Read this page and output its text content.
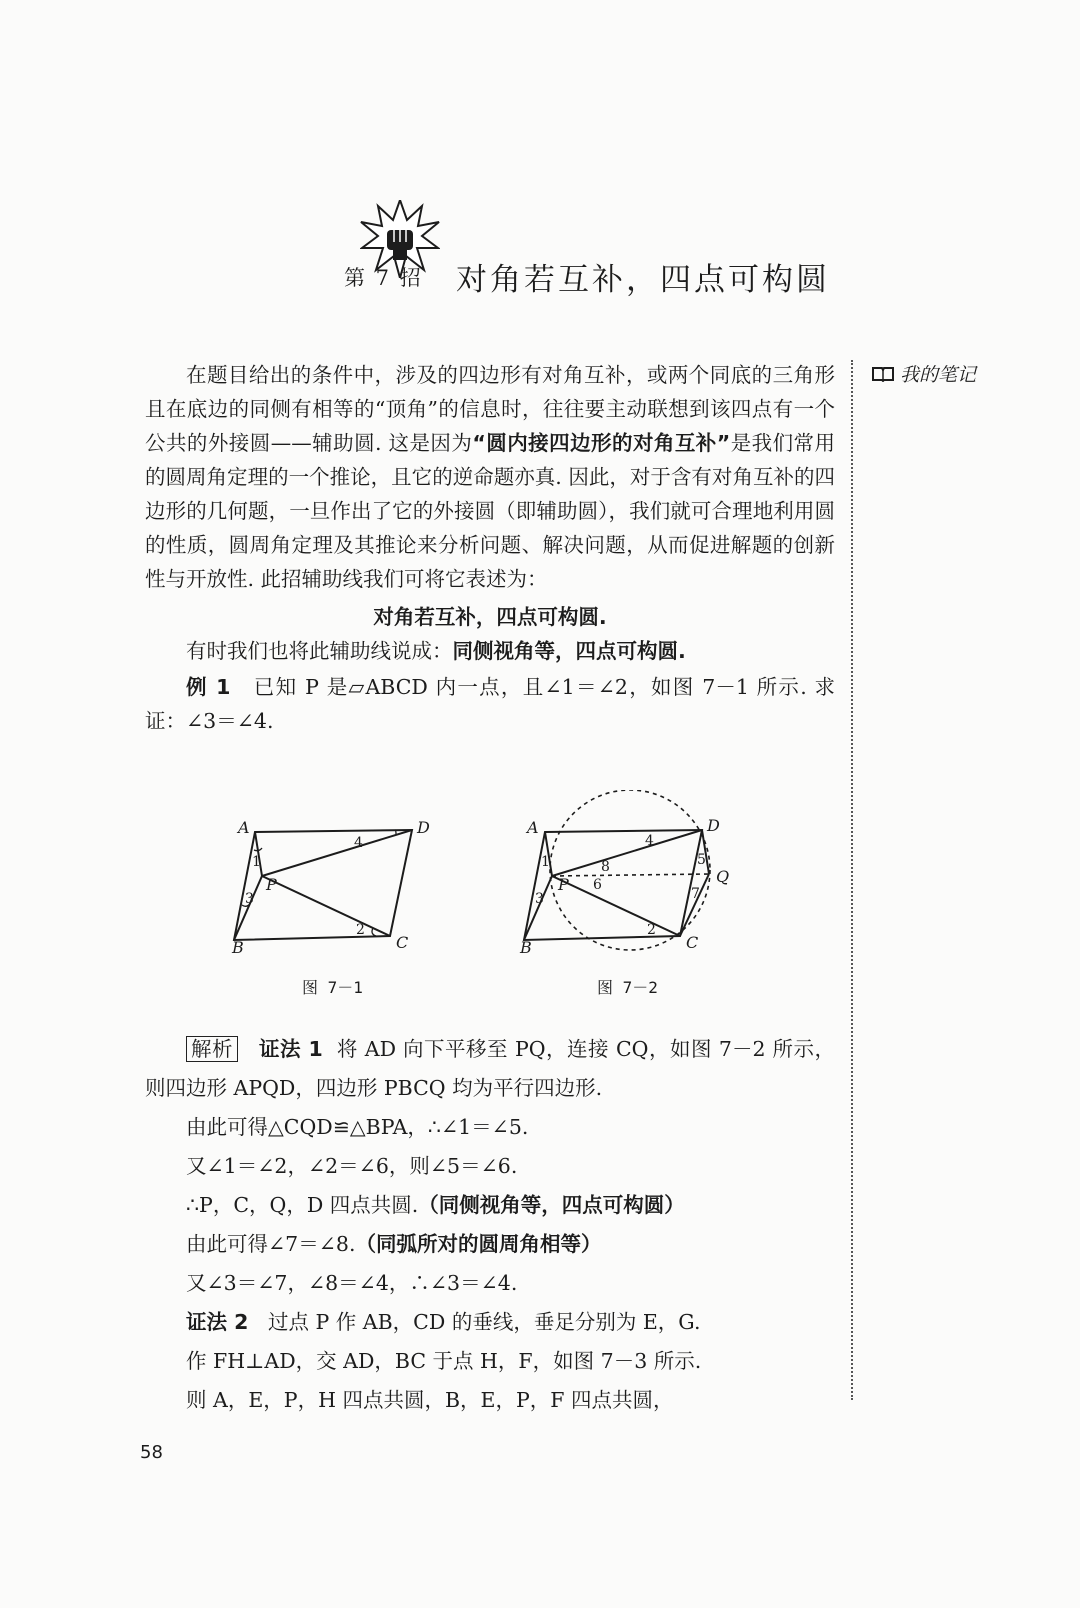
第 7 招 对角若互补，四点可构圆
我的笔记

在题目给出的条件中，涉及的四边形有对角互补，或两个同底的三角形且在底边的同侧有相等的“顶角”的信息时，往往要主动联想到该四点有一个公共的外接圆——辅助圆. 这是因为“圆内接四边形的对角互补”是我们常用的圆周角定理的一个推论，且它的逆命题亦真. 因此，对于含有对角互补的四边形的几何题，一旦作出了它的外接圆（即辅助圆），我们就可合理地利用圆的性质，圆周角定理及其推论来分析问题、解决问题，从而促进解题的创新性与开放性. 此招辅助线我们可将它表述为：

对角若互补，四点可构圆.

有时我们也将此辅助线说成：同侧视角等，四点可构圆.

例 1 已知 P 是▱ABCD 内一点，且∠1＝∠2，如图 7－1 所示. 求证：∠3＝∠4.

A	D
B	C
P
1
2
3
4
图 7－1
A	D
B	C
P	Q
1
2
3
4
5
6
8
7
图 7－2

解析 证法 1 将 AD 向下平移至 PQ，连接 CQ，如图 7－2 所示，则四边形 APQD，四边形 PBCQ 均为平行四边形.

由此可得△CQD≌△BPA，∴∠1＝∠5.

又∠1＝∠2，∠2＝∠6，则∠5＝∠6.

∴P，C，Q，D 四点共圆.（同侧视角等，四点可构圆）

由此可得∠7＝∠8.（同弧所对的圆周角相等）

又∠3＝∠7，∠8＝∠4，∴∠3＝∠4.

证法 2 过点 P 作 AB，CD 的垂线，垂足分别为 E，G.

作 FH⊥AD，交 AD，BC 于点 H，F，如图 7－3 所示.

则 A，E，P，H 四点共圆，B，E，P，F 四点共圆，

58
